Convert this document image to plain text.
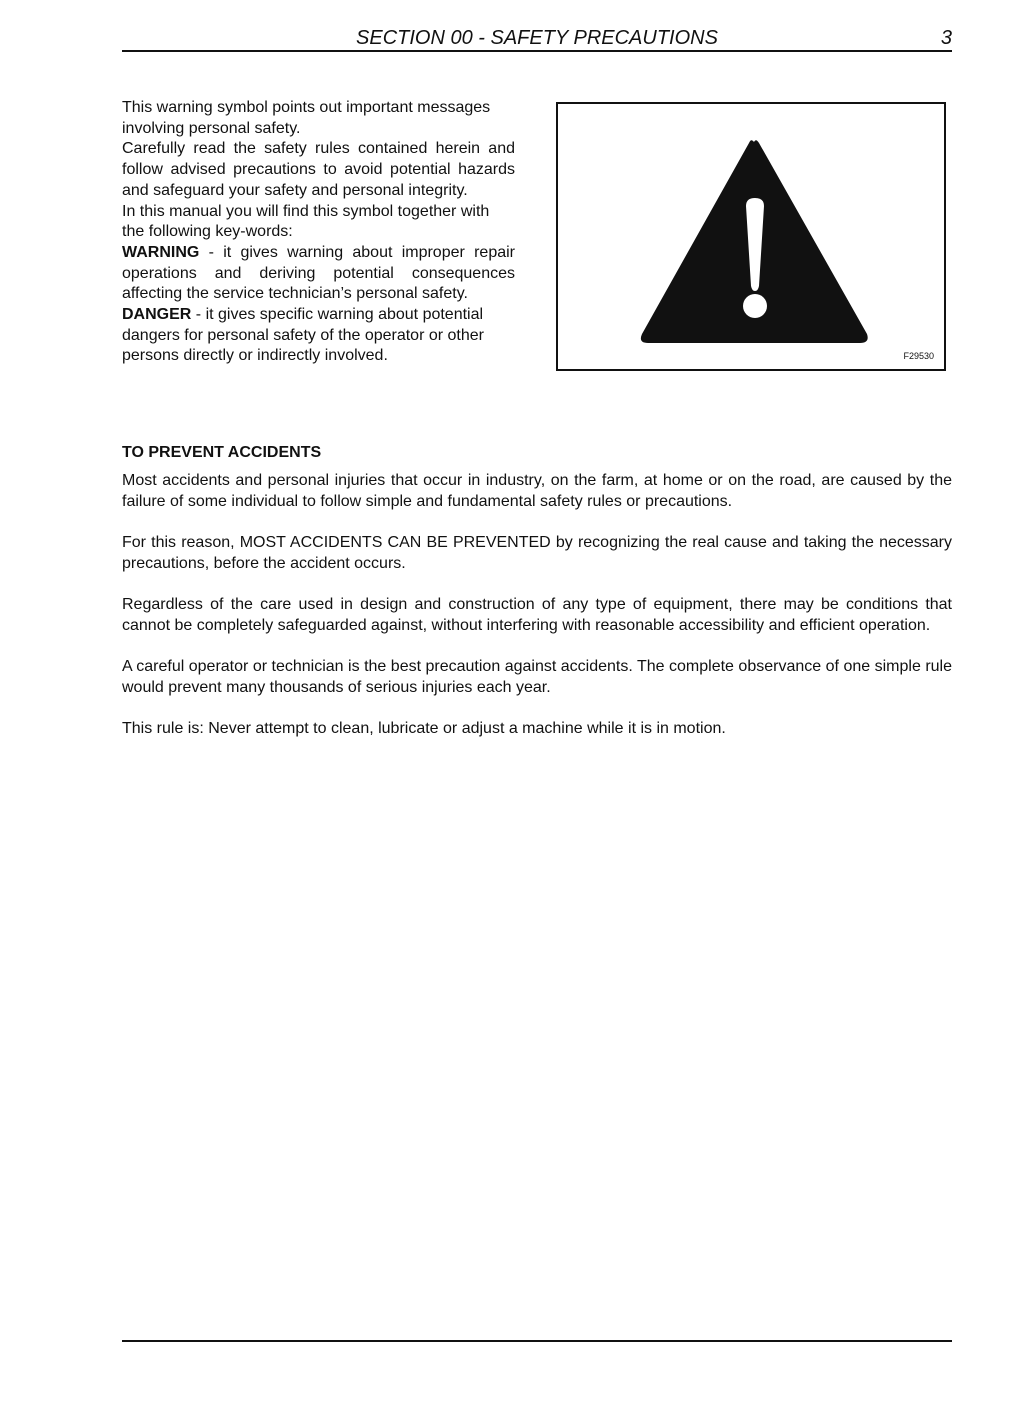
SECTION 00 - SAFETY PRECAUTIONS	3

This warning symbol points out important messages involving personal safety.

Carefully read the safety rules contained herein and follow advised precautions to avoid potential hazards and safeguard your safety and personal integrity.

In this manual you will find this symbol together with the following key-words:

WARNING - it gives warning about improper repair operations and deriving potential consequences affecting the service technician’s personal safety.

DANGER - it gives specific warning about potential dangers for personal safety of the operator or other persons directly or indirectly involved.	F29530
TO PREVENT ACCIDENTS

Most accidents and personal injuries that occur in industry, on the farm, at home or on the road, are caused by the failure of some individual to follow simple and fundamental safety rules or precautions.

For this reason, MOST ACCIDENTS CAN BE PREVENTED by recognizing the real cause and taking the necessary precautions, before the accident occurs.

Regardless of the care used in design and construction of any type of equipment, there may be conditions that cannot be completely safeguarded against, without interfering with reasonable accessibility and efficient operation.

A careful operator or technician is the best precaution against accidents. The complete observance of one simple rule would prevent many thousands of serious injuries each year.

This rule is: Never attempt to clean, lubricate or adjust a machine while it is in motion.
